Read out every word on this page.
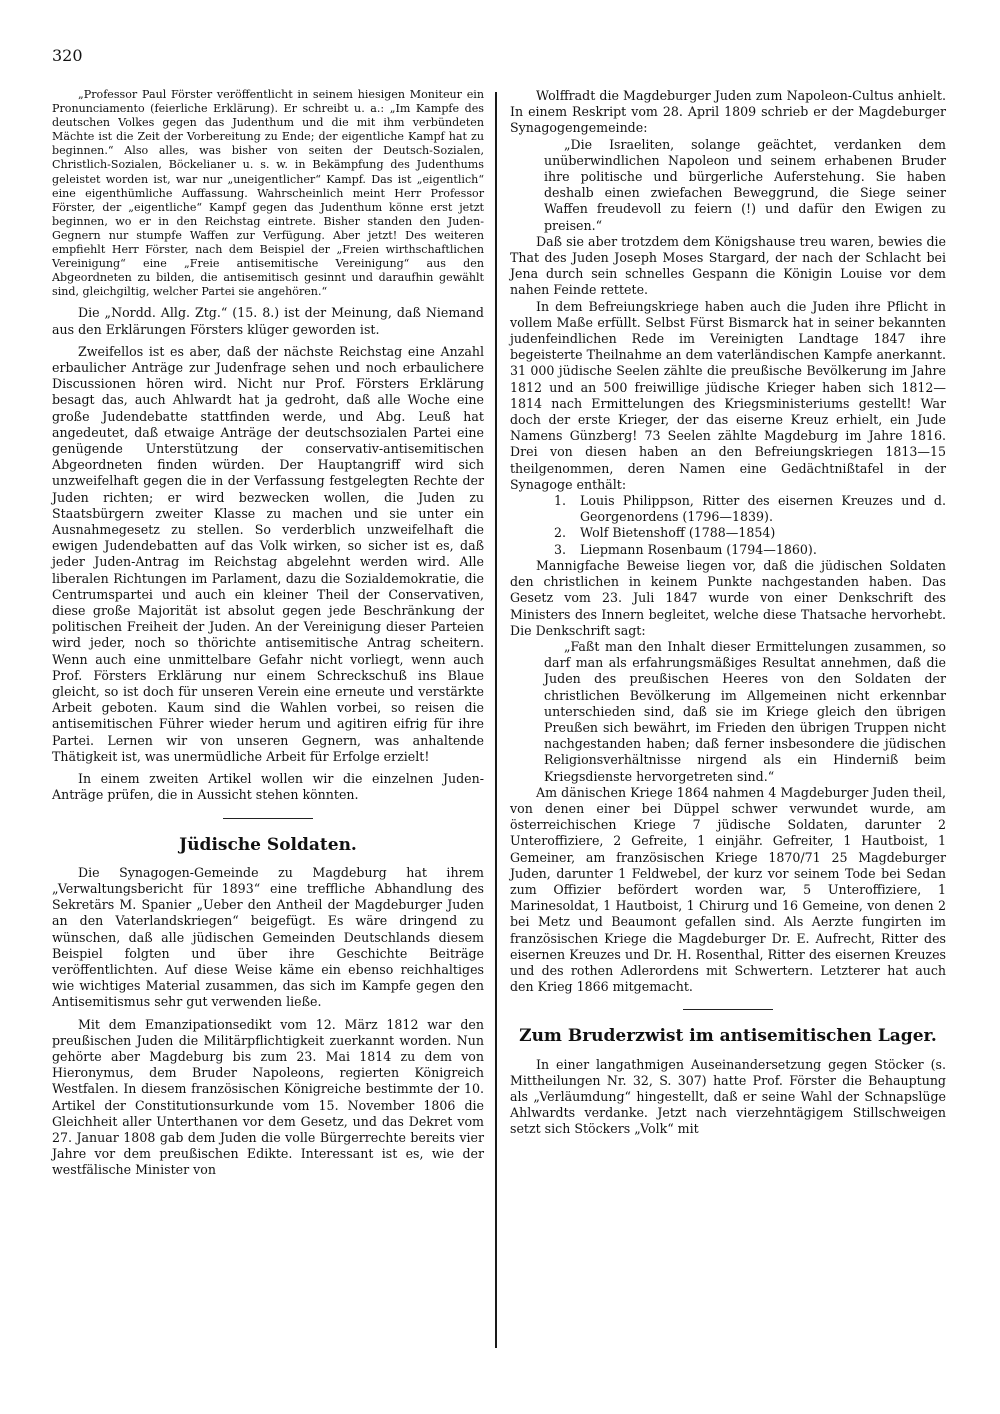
320

„Professor Paul Förster veröffentlicht in seinem hiesigen Moniteur ein Pronunciamento (feierliche Erklärung). Er schreibt u. a.: „Im Kampfe des deutschen Volkes gegen das Judenthum und die mit ihm verbündeten Mächte ist die Zeit der Vorbereitung zu Ende; der eigentliche Kampf hat zu beginnen.“ Also alles, was bisher von seiten der Deutsch-Sozialen, Christlich-Sozialen, Böckelianer u. s. w. in Bekämpfung des Judenthums geleistet worden ist, war nur „uneigentlicher“ Kampf. Das ist „eigentlich“ eine eigenthümliche Auffassung. Wahrscheinlich meint Herr Professor Förster, der „eigentliche“ Kampf gegen das Judenthum könne erst jetzt beginnen, wo er in den Reichstag eintrete. Bisher standen den Juden-Gegnern nur stumpfe Waffen zur Verfügung. Aber jetzt! Des weiteren empfiehlt Herr Förster, nach dem Beispiel der „Freien wirthschaftlichen Vereinigung“ eine „Freie antisemitische Vereinigung“ aus den Abgeordneten zu bilden, die antisemitisch gesinnt und daraufhin gewählt sind, gleichgiltig, welcher Partei sie angehören.“

Die „Nordd. Allg. Ztg.“ (15. 8.) ist der Meinung, daß Niemand aus den Erklärungen Försters klüger geworden ist.

Zweifellos ist es aber, daß der nächste Reichstag eine Anzahl erbaulicher Anträge zur Judenfrage sehen und noch erbaulichere Discussionen hören wird. Nicht nur Prof. Försters Erklärung besagt das, auch Ahlwardt hat ja gedroht, daß alle Woche eine große Judendebatte stattfinden werde, und Abg. Leuß hat angedeutet, daß etwaige Anträge der deutschsozialen Partei eine genügende Unterstützung der conservativ-antisemitischen Abgeordneten finden würden. Der Hauptangriff wird sich unzweifelhaft gegen die in der Verfassung festgelegten Rechte der Juden richten; er wird bezwecken wollen, die Juden zu Staatsbürgern zweiter Klasse zu machen und sie unter ein Ausnahmegesetz zu stellen. So verderblich unzweifelhaft die ewigen Judendebatten auf das Volk wirken, so sicher ist es, daß jeder Juden-Antrag im Reichstag abgelehnt werden wird. Alle liberalen Richtungen im Parlament, dazu die Sozialdemokratie, die Centrumspartei und auch ein kleiner Theil der Conservativen, diese große Majorität ist absolut gegen jede Beschränkung der politischen Freiheit der Juden. An der Vereinigung dieser Parteien wird jeder, noch so thörichte antisemitische Antrag scheitern. Wenn auch eine unmittelbare Gefahr nicht vorliegt, wenn auch Prof. Försters Erklärung nur einem Schreckschuß ins Blaue gleicht, so ist doch für unseren Verein eine erneute und verstärkte Arbeit geboten. Kaum sind die Wahlen vorbei, so reisen die antisemitischen Führer wieder herum und agitiren eifrig für ihre Partei. Lernen wir von unseren Gegnern, was anhaltende Thätigkeit ist, was unermüdliche Arbeit für Erfolge erzielt!

In einem zweiten Artikel wollen wir die einzelnen Juden-Anträge prüfen, die in Aussicht stehen könnten.

Jüdische Soldaten.

Die Synagogen-Gemeinde zu Magdeburg hat ihrem „Verwaltungsbericht für 1893“ eine treffliche Abhandlung des Sekretärs M. Spanier „Ueber den Antheil der Magdeburger Juden an den Vaterlandskriegen“ beigefügt. Es wäre dringend zu wünschen, daß alle jüdischen Gemeinden Deutschlands diesem Beispiel folgten und über ihre Geschichte Beiträge veröffentlichten. Auf diese Weise käme ein ebenso reichhaltiges wie wichtiges Material zusammen, das sich im Kampfe gegen den Antisemitismus sehr gut verwenden ließe.

Mit dem Emanzipationsedikt vom 12. März 1812 war den preußischen Juden die Militärpflichtigkeit zuerkannt worden. Nun gehörte aber Magdeburg bis zum 23. Mai 1814 zu dem von Hieronymus, dem Bruder Napoleons, regierten Königreich Westfalen. In diesem französischen Königreiche bestimmte der 10. Artikel der Constitutionsurkunde vom 15. November 1806 die Gleichheit aller Unterthanen vor dem Gesetz, und das Dekret vom 27. Januar 1808 gab dem Juden die volle Bürgerrechte bereits vier Jahre vor dem preußischen Edikte. Interessant ist es, wie der westfälische Minister von

Wolffradt die Magdeburger Juden zum Napoleon-Cultus anhielt. In einem Reskript vom 28. April 1809 schrieb er der Magdeburger Synagogengemeinde:

„Die Israeliten, solange geächtet, verdanken dem unüberwindlichen Napoleon und seinem erhabenen Bruder ihre politische und bürgerliche Auferstehung. Sie haben deshalb einen zwiefachen Beweggrund, die Siege seiner Waffen freudevoll zu feiern (!) und dafür den Ewigen zu preisen.“

Daß sie aber trotzdem dem Königshause treu waren, bewies die That des Juden Joseph Moses Stargard, der nach der Schlacht bei Jena durch sein schnelles Gespann die Königin Louise vor dem nahen Feinde rettete.

In dem Befreiungskriege haben auch die Juden ihre Pflicht in vollem Maße erfüllt. Selbst Fürst Bismarck hat in seiner bekannten judenfeindlichen Rede im Vereinigten Landtage 1847 ihre begeisterte Theilnahme an dem vaterländischen Kampfe anerkannt. 31 000 jüdische Seelen zählte die preußische Bevölkerung im Jahre 1812 und an 500 freiwillige jüdische Krieger haben sich 1812—1814 nach Ermittelungen des Kriegsministeriums gestellt! War doch der erste Krieger, der das eiserne Kreuz erhielt, ein Jude Namens Günzberg! 73 Seelen zählte Magdeburg im Jahre 1816. Drei von diesen haben an den Befreiungskriegen 1813—15 theilgenommen, deren Namen eine Gedächtnißtafel in der Synagoge enthält:

1. Louis Philippson, Ritter des eisernen Kreuzes und d. Georgenordens (1796—1839).
2. Wolf Bietenshoff (1788—1854)
3. Liepmann Rosenbaum (1794—1860).

Mannigfache Beweise liegen vor, daß die jüdischen Soldaten den christlichen in keinem Punkte nachgestanden haben. Das Gesetz vom 23. Juli 1847 wurde von einer Denkschrift des Ministers des Innern begleitet, welche diese Thatsache hervorhebt. Die Denkschrift sagt:

„Faßt man den Inhalt dieser Ermittelungen zusammen, so darf man als erfahrungsmäßiges Resultat annehmen, daß die Juden des preußischen Heeres von den Soldaten der christlichen Bevölkerung im Allgemeinen nicht erkennbar unterschieden sind, daß sie im Kriege gleich den übrigen Preußen sich bewährt, im Frieden den übrigen Truppen nicht nachgestanden haben; daß ferner insbesondere die jüdischen Religionsverhältnisse nirgend als ein Hinderniß beim Kriegsdienste hervorgetreten sind.“

Am dänischen Kriege 1864 nahmen 4 Magdeburger Juden theil, von denen einer bei Düppel schwer verwundet wurde, am österreichischen Kriege 7 jüdische Soldaten, darunter 2 Unteroffiziere, 2 Gefreite, 1 einjähr. Gefreiter, 1 Hautboist, 1 Gemeiner, am französischen Kriege 1870/71 25 Magdeburger Juden, darunter 1 Feldwebel, der kurz vor seinem Tode bei Sedan zum Offizier befördert worden war, 5 Unteroffiziere, 1 Marinesoldat, 1 Hautboist, 1 Chirurg und 16 Gemeine, von denen 2 bei Metz und Beaumont gefallen sind. Als Aerzte fungirten im französischen Kriege die Magdeburger Dr. E. Aufrecht, Ritter des eisernen Kreuzes und Dr. H. Rosenthal, Ritter des eisernen Kreuzes und des rothen Adlerordens mit Schwertern. Letzterer hat auch den Krieg 1866 mitgemacht.

Zum Bruderzwist im antisemitischen Lager.

In einer langathmigen Auseinandersetzung gegen Stöcker (s. Mittheilungen Nr. 32, S. 307) hatte Prof. Förster die Behauptung als „Verläumdung“ hingestellt, daß er seine Wahl der Schnapslüge Ahlwardts verdanke. Jetzt nach vierzehntägigem Stillschweigen setzt sich Stöckers „Volk“ mit
